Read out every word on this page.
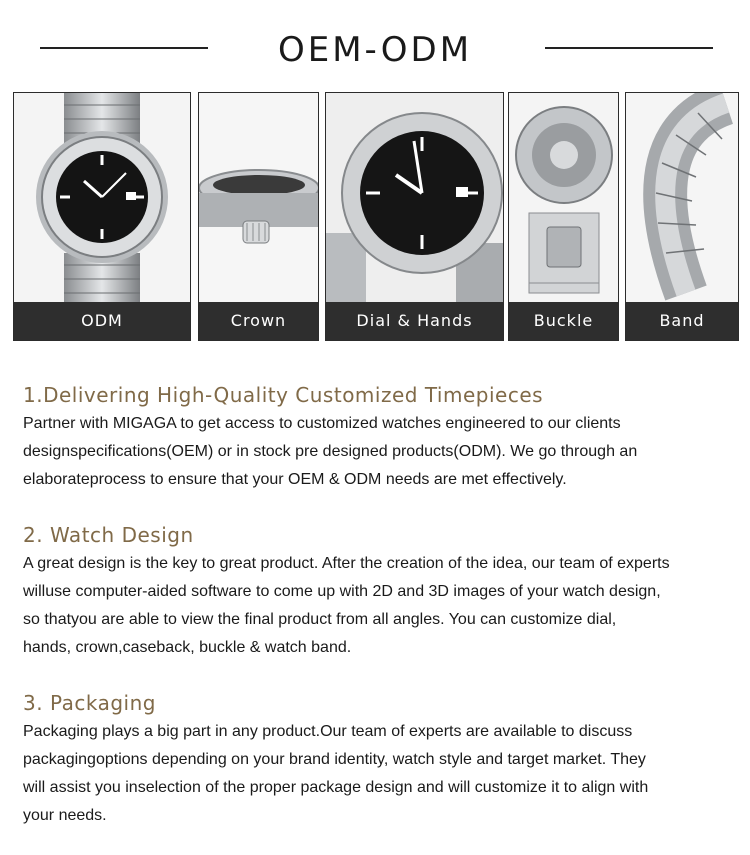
OEM-ODM
ODM	Crown	Dial & Hands	Buckle	Band
1.Delivering High-Quality Customized Timepieces

Partner with MIGAGA to get access to customized watches engineered to our clients
designspecifications(OEM) or in stock pre designed products(ODM). We go through an
elaborateprocess to ensure that your OEM & ODM needs are met effectively.

2. Watch Design

A great design is the key to great product. After the creation of the idea, our team of experts
willuse computer-aided software to come up with 2D and 3D images of your watch design,
so thatyou are able to view the final product from all angles. You can customize dial,
hands, crown,caseback, buckle & watch band.

3. Packaging

Packaging plays a big part in any product.Our team of experts are available to discuss
packagingoptions depending on your brand identity, watch style and target market. They
will assist you inselection of the proper package design and will customize it to align with
your needs.
